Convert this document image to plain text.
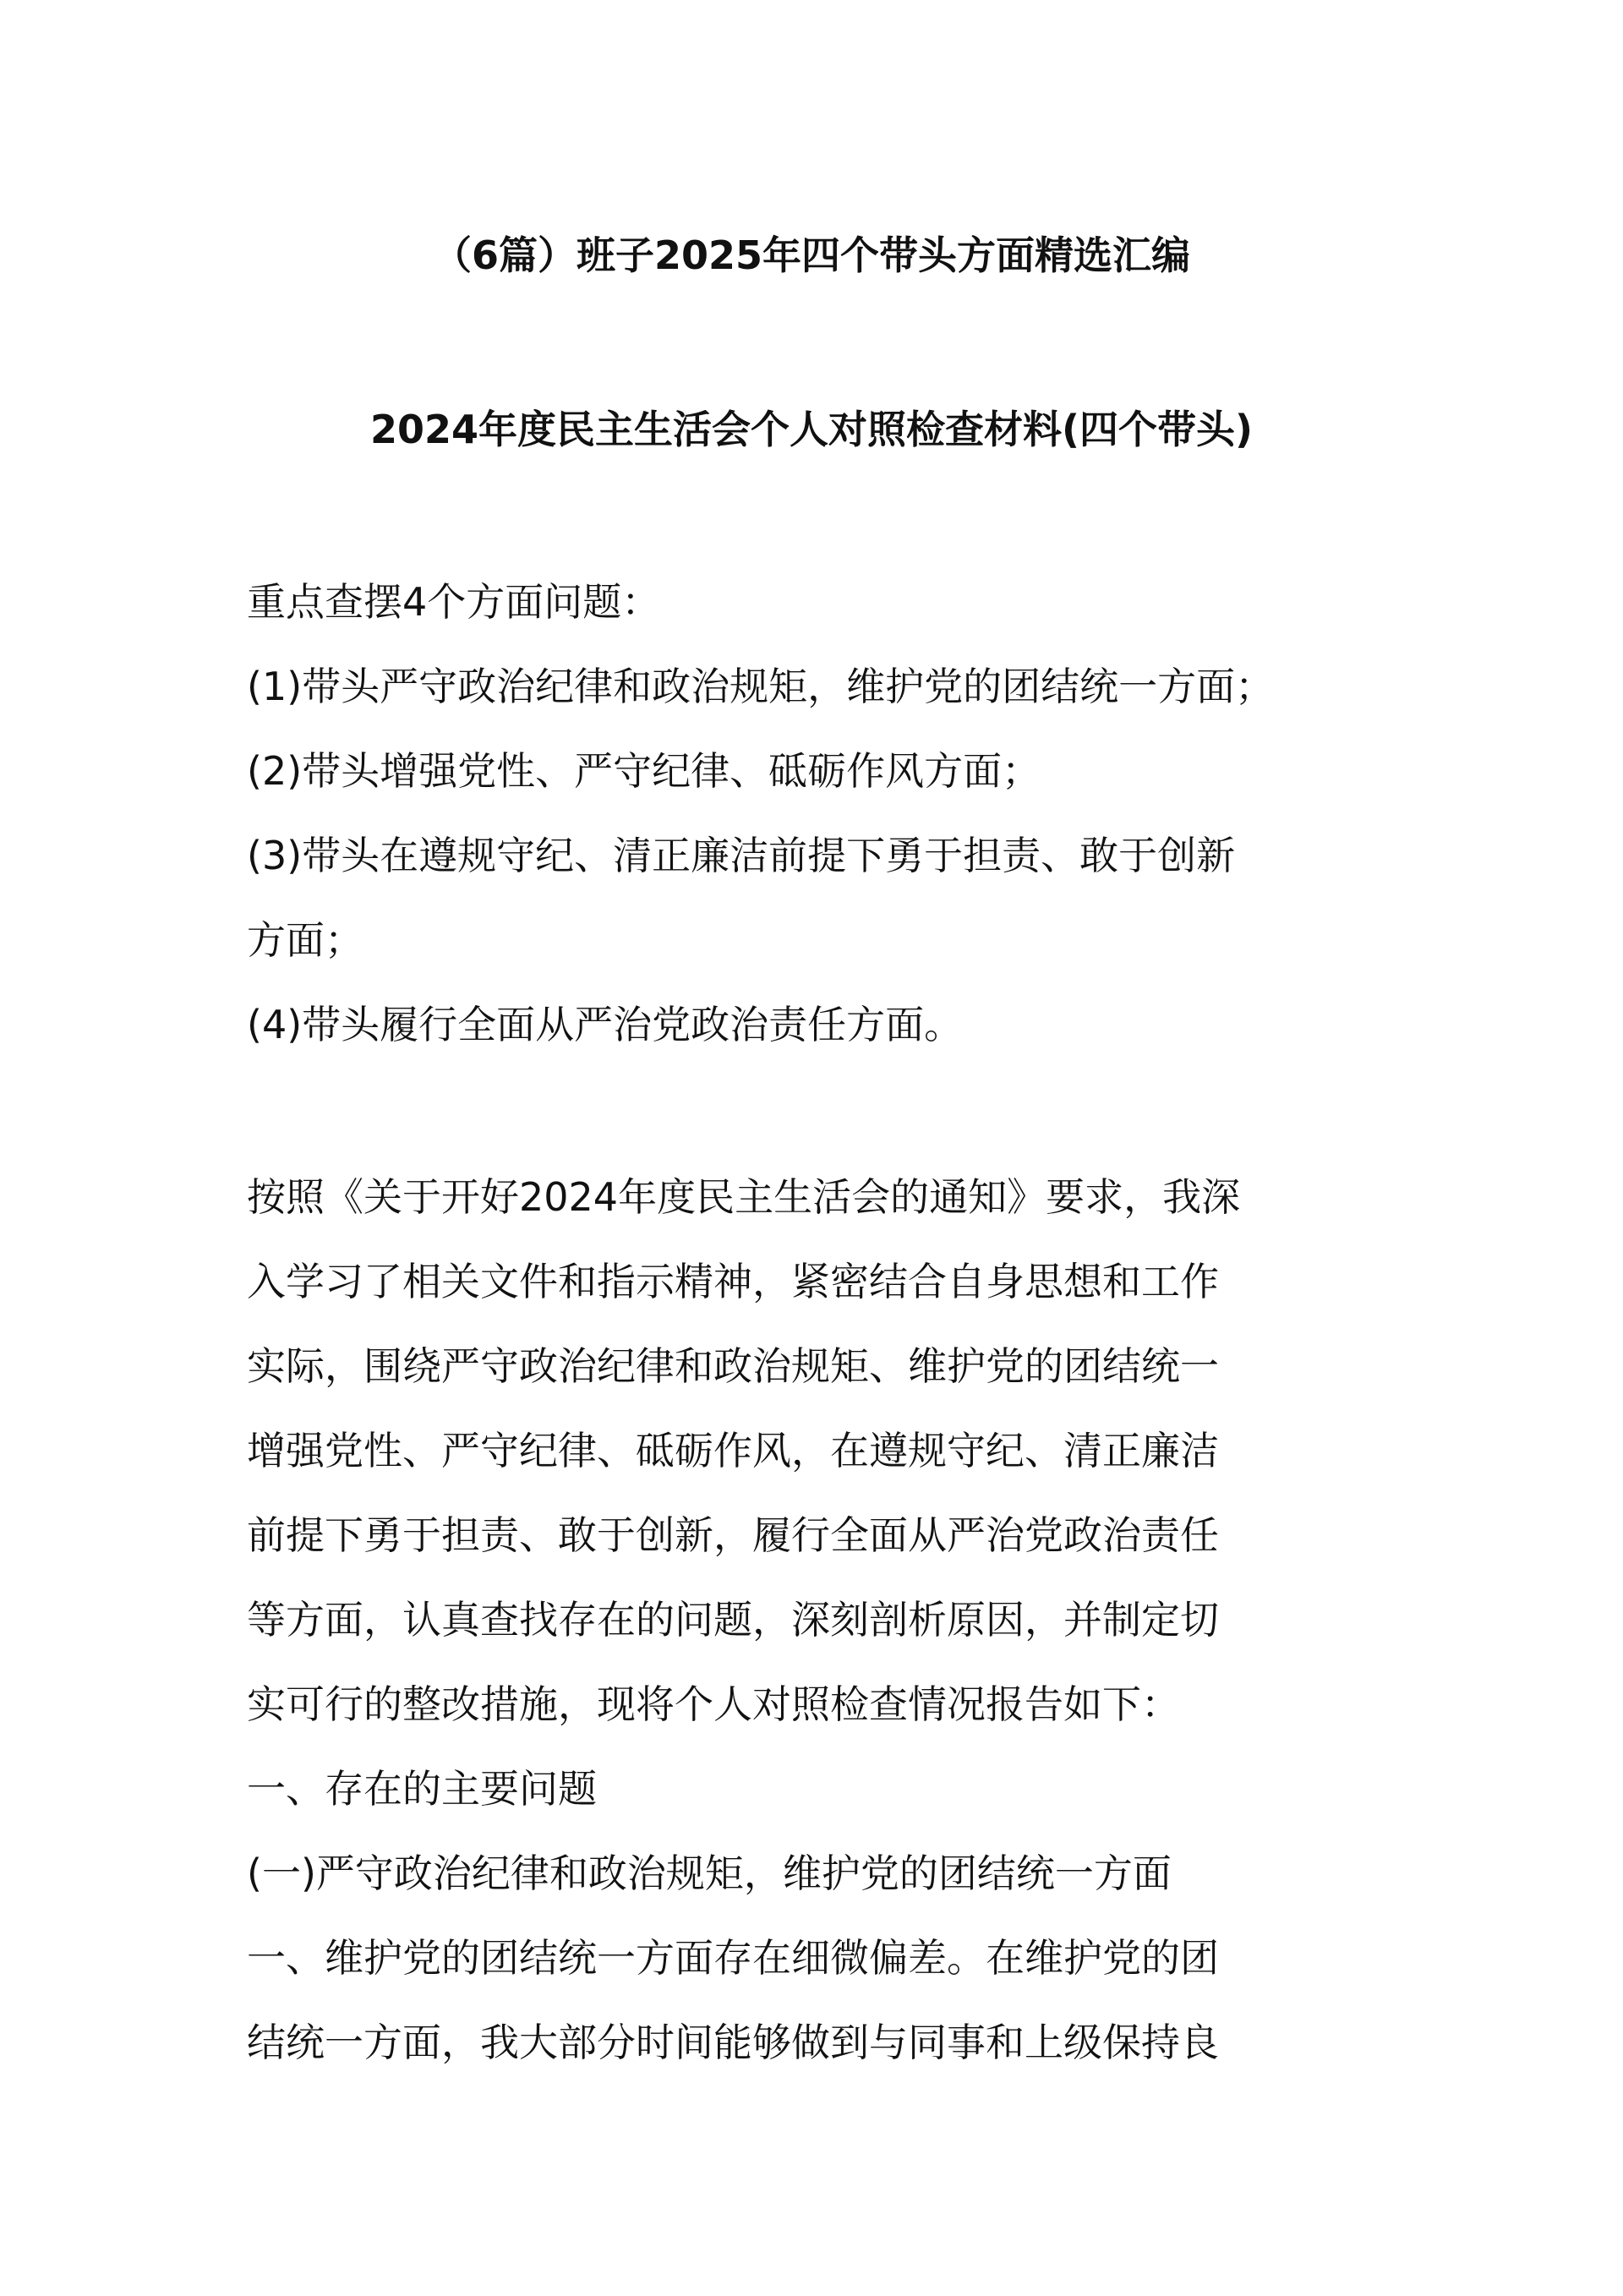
（6篇）班子2025年四个带头方面精选汇编
2024年度民主生活会个人对照检查材料(四个带头)
重点查摆4个方面问题：
(1)带头严守政治纪律和政治规矩，维护党的团结统一方面；
(2)带头增强党性、严守纪律、砥砺作风方面；
(3)带头在遵规守纪、清正廉洁前提下勇于担责、敢于创新
方面；
(4)带头履行全面从严治党政治责任方面。
按照《关于开好2024年度民主生活会的通知》要求，我深
入学习了相关文件和指示精神，紧密结合自身思想和工作
实际，围绕严守政治纪律和政治规矩、维护党的团结统一
增强党性、严守纪律、砥砺作风，在遵规守纪、清正廉洁
前提下勇于担责、敢于创新，履行全面从严治党政治责任
等方面，认真查找存在的问题，深刻剖析原因，并制定切
实可行的整改措施，现将个人对照检查情况报告如下：
一、存在的主要问题
(一)严守政治纪律和政治规矩，维护党的团结统一方面
一、维护党的团结统一方面存在细微偏差。在维护党的团
结统一方面，我大部分时间能够做到与同事和上级保持良
